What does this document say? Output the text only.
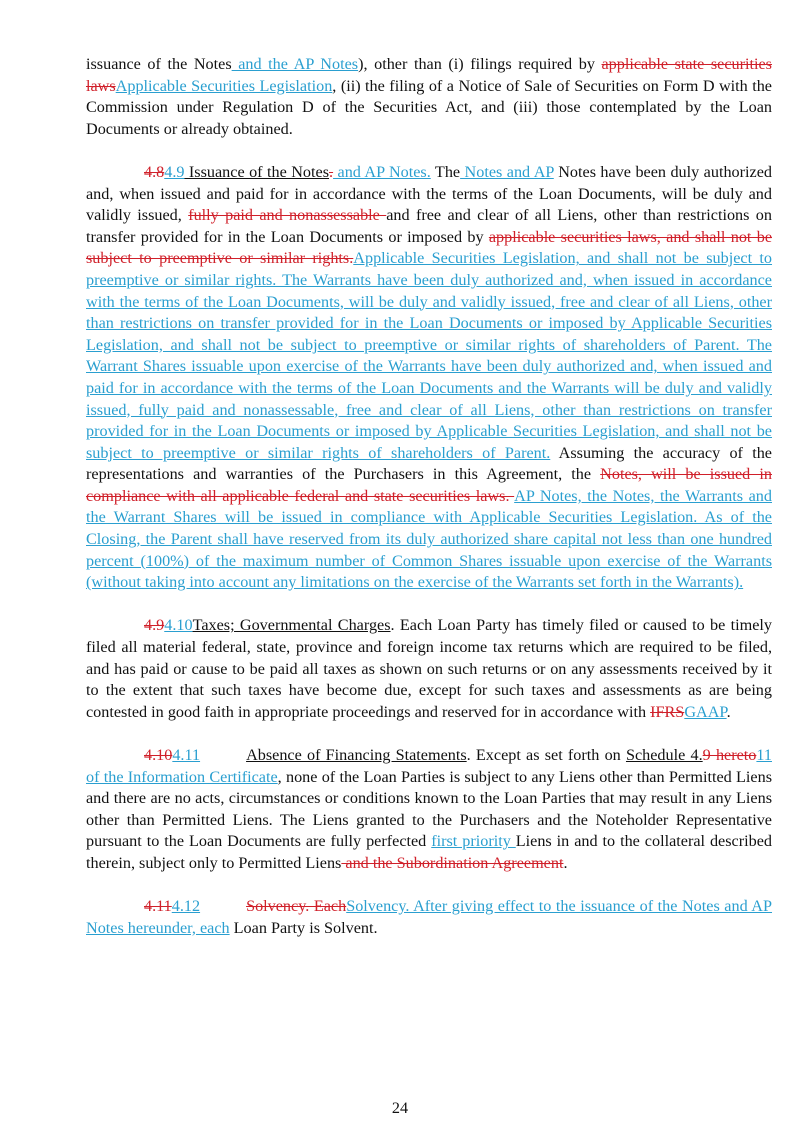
issuance of the Notes and the AP Notes), other than (i) filings required by applicable state securities lawsApplicable Securities Legislation, (ii) the filing of a Notice of Sale of Securities on Form D with the Commission under Regulation D of the Securities Act, and (iii) those contemplated by the Loan Documents or already obtained.

4.84.9 Issuance of the Notes. and AP Notes. The Notes and AP Notes have been duly authorized and, when issued and paid for in accordance with the terms of the Loan Documents, will be duly and validly issued, fully paid and nonassessable and free and clear of all Liens, other than restrictions on transfer provided for in the Loan Documents or imposed by applicable securities laws, and shall not be subject to preemptive or similar rights.Applicable Securities Legislation, and shall not be subject to preemptive or similar rights. The Warrants have been duly authorized and, when issued in accordance with the terms of the Loan Documents, will be duly and validly issued, free and clear of all Liens, other than restrictions on transfer provided for in the Loan Documents or imposed by Applicable Securities Legislation, and shall not be subject to preemptive or similar rights of shareholders of Parent. The Warrant Shares issuable upon exercise of the Warrants have been duly authorized and, when issued and paid for in accordance with the terms of the Loan Documents and the Warrants will be duly and validly issued, fully paid and nonassessable, free and clear of all Liens, other than restrictions on transfer provided for in the Loan Documents or imposed by Applicable Securities Legislation, and shall not be subject to preemptive or similar rights of shareholders of Parent. Assuming the accuracy of the representations and warranties of the Purchasers in this Agreement, the Notes, will be issued in compliance with all applicable federal and state securities laws. AP Notes, the Notes, the Warrants and the Warrant Shares will be issued in compliance with Applicable Securities Legislation. As of the Closing, the Parent shall have reserved from its duly authorized share capital not less than one hundred percent (100%) of the maximum number of Common Shares issuable upon exercise of the Warrants (without taking into account any limitations on the exercise of the Warrants set forth in the Warrants).

4.94.10Taxes; Governmental Charges. Each Loan Party has timely filed or caused to be timely filed all material federal, state, province and foreign income tax returns which are required to be filed, and has paid or cause to be paid all taxes as shown on such returns or on any assessments received by it to the extent that such taxes have become due, except for such taxes and assessments as are being contested in good faith in appropriate proceedings and reserved for in accordance with IFRSGAAP.

4.104.11	Absence of Financing Statements. Except as set forth on Schedule 4.9 hereto11 of the Information Certificate, none of the Loan Parties is subject to any Liens other than Permitted Liens and there are no acts, circumstances or conditions known to the Loan Parties that may result in any Liens other than Permitted Liens. The Liens granted to the Purchasers and the Noteholder Representative pursuant to the Loan Documents are fully perfected first priority Liens in and to the collateral described therein, subject only to Permitted Liens and the Subordination Agreement.

4.114.12	Solvency. EachSolvency. After giving effect to the issuance of the Notes and AP Notes hereunder, each Loan Party is Solvent.

24
